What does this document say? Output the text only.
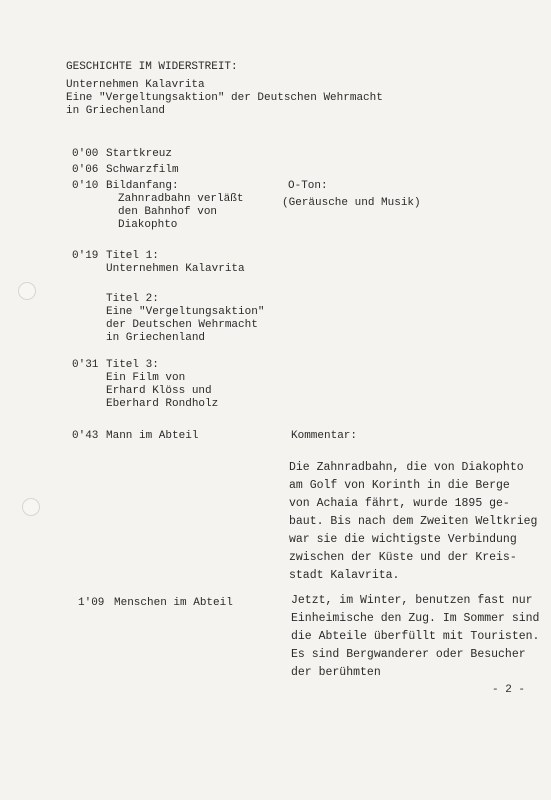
GESCHICHTE IM WIDERSTREIT:
Unternehmen Kalavrita
Eine "Vergeltungsaktion" der Deutschen Wehrmacht
in Griechenland
0'00 Startkreuz
0'06 Schwarzfilm
0'10 Bildanfang:
Zahnradbahn verläßt
den Bahnhof von
Diakophto
O-Ton:
(Geräusche und Musik)
0'19 Titel 1:
Unternehmen Kalavrita
Titel 2:
Eine "Vergeltungsaktion"
der Deutschen Wehrmacht
in Griechenland
0'31 Titel 3:
Ein Film von
Erhard Klöss und
Eberhard Rondholz
0'43 Mann im Abteil	Kommentar:
Die Zahnradbahn, die von Diakophto
am Golf von Korinth in die Berge
von Achaia fährt, wurde 1895 ge-
baut. Bis nach dem Zweiten Weltkrieg
war sie die wichtigste Verbindung
zwischen der Küste und der Kreis-
stadt Kalavrita.
1'09 Menschen im Abteil	Jetzt, im Winter, benutzen fast nur
Einheimische den Zug. Im Sommer sind
die Abteile überfüllt mit Touristen.
Es sind Bergwanderer oder Besucher
der berühmten
- 2 -
